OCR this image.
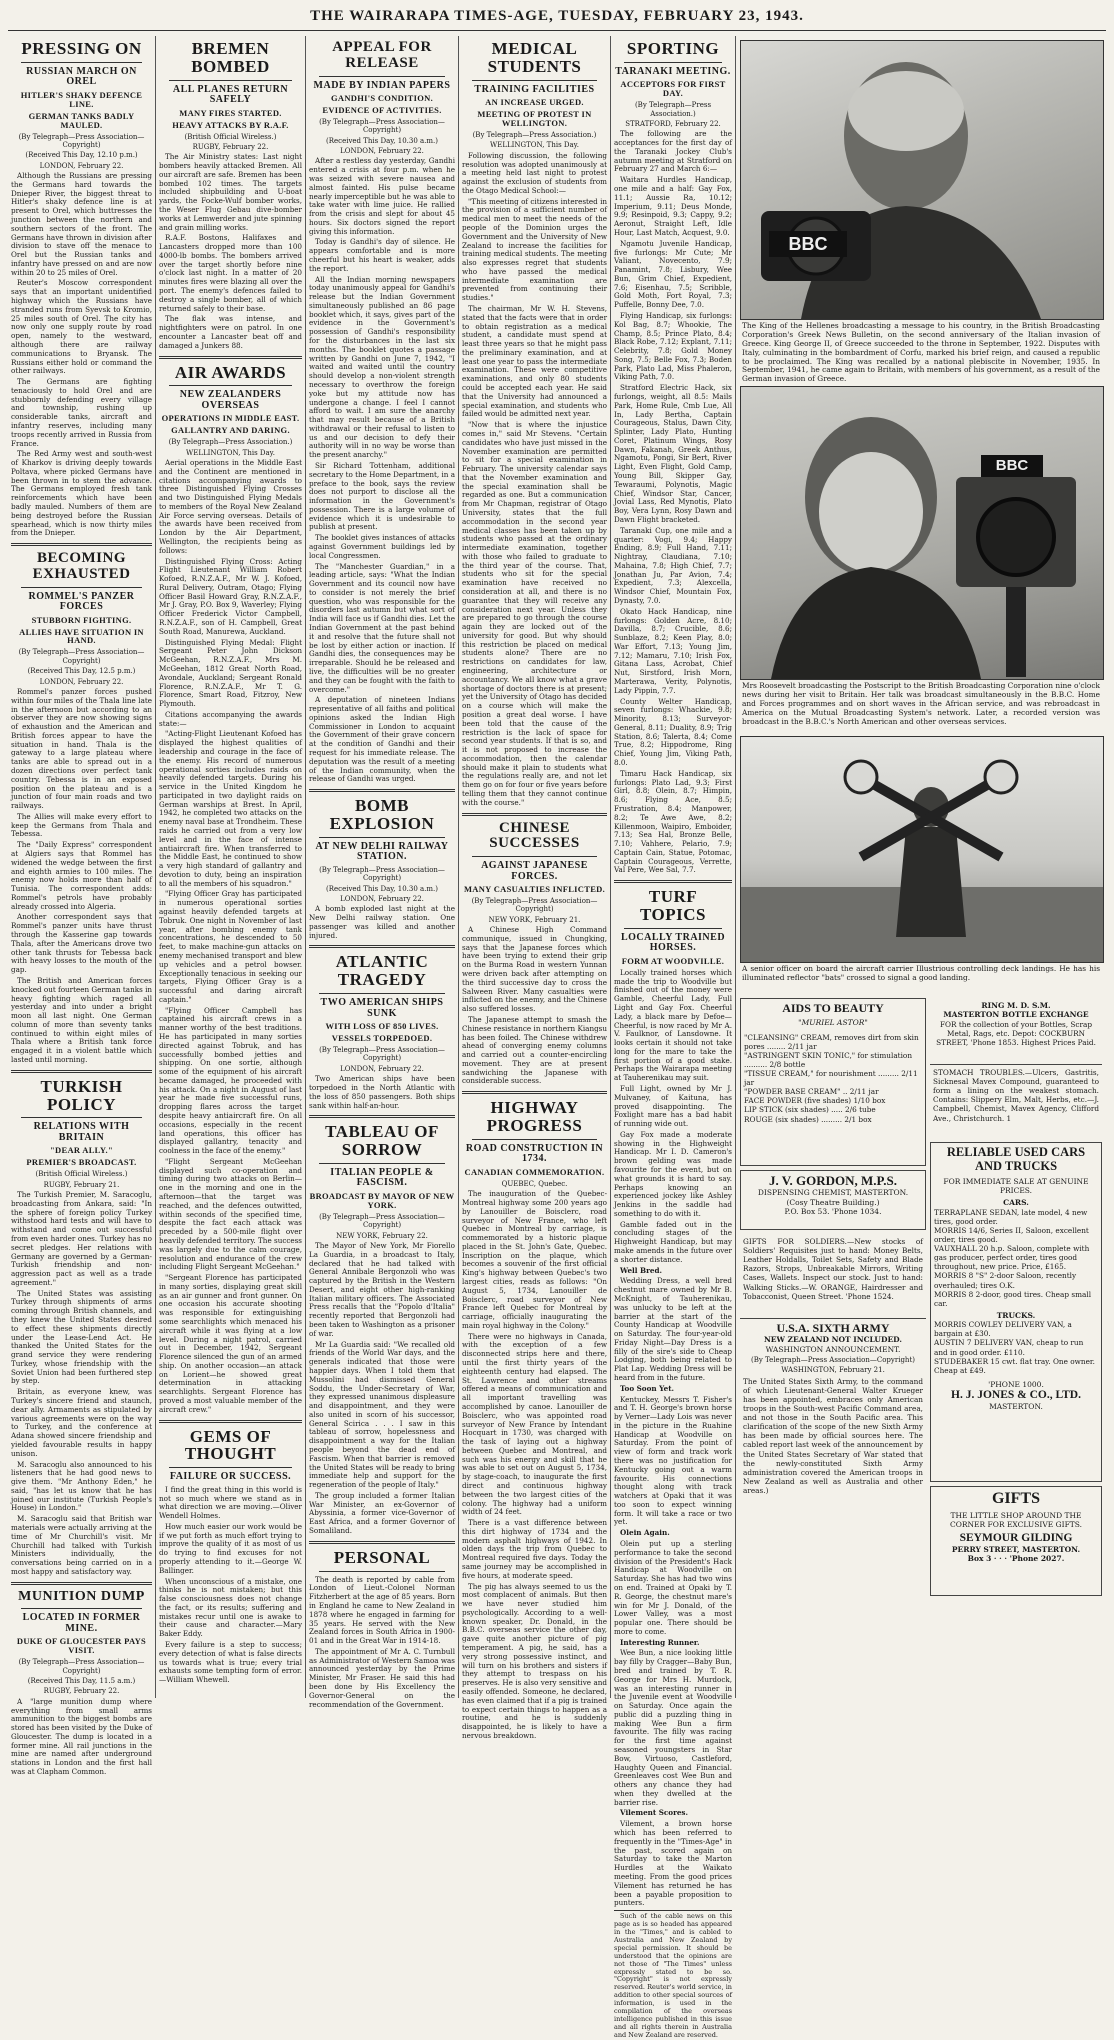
THE WAIRARAPA TIMES-AGE, TUESDAY, FEBRUARY 23, 1943.
PRESSING ON
RUSSIAN MARCH ON OREL
HITLER'S SHAKY DEFENCE LINE.
GERMAN TANKS BADLY MAULED.
(By Telegraph—Press Association—Copyright)
(Received This Day, 12.10 p.m.)
LONDON, February 22.
Although the Russians are pressing the Germans hard towards the Dnieper River, the biggest threat to Hitler's shaky defence line is at present to Orel, which buttresses the junction between the northern and southern sectors of the front. The Germans have thrown in division after division to stave off the menace to Orel but the Russian tanks and infantry have pressed on and are now within 20 to 25 miles of Orel.
Reuter's Moscow correspondent says that an important unidentified highway which the Russians have stranded runs from Syevsk to Kromio, 25 miles south of Orel. The city has now only one supply route by road open, namely to the westward, although there are railway communications to Bryansk. The Russians either hold or command the other railways.
The Germans are fighting tenaciously to hold Orel and are stubbornly defending every village and township, rushing up considerable tanks, aircraft and infantry reserves, including many troops recently arrived in Russia from France.
The Red Army west and south-west of Kharkov is driving deeply towards Poltava, where picked Germans have been thrown in to stem the advance. The Germans employed fresh tank reinforcements which have been badly mauled. Numbers of them are being destroyed before the Russian spearhead, which is now thirty miles from the Dnieper.
BECOMING EXHAUSTED
ROMMEL'S PANZER FORCES
STUBBORN FIGHTING.
ALLIES HAVE SITUATION IN HAND.
(By Telegraph—Press Association—Copyright)
(Received This Day, 12.5 p.m.)
LONDON, February 22.
Rommel's panzer forces pushed within four miles of the Thala line late in the afternoon but according to an observer they are now showing signs of exhaustion and the American and British forces appear to have the situation in hand. Thala is the gateway to a large plateau where tanks are able to spread out in a dozen directions over perfect tank country. Tebessa is in an exposed position on the plateau and is a junction of four main roads and two railways.
The Allies will make every effort to keep the Germans from Thala and Tebessa.
The "Daily Express" correspondent at Algiers says that Rommel has widened the wedge between the first and eighth armies to 100 miles. The enemy now holds more than half of Tunisia. The correspondent adds: Rommel's petrols have probably already crossed into Algeria.
Another correspondent says that Rommel's panzer units have thrust through the Kasserine gap towards Thala, after the Americans drove two other tank thrusts for Tebessa back with heavy losses to the mouth of the gap.
The British and American forces knocked out fourteen German tanks in heavy fighting which raged all yesterday and into under a bright moon all last night. One German column of more than seventy tanks continued to within eight miles of Thala where a British tank force engaged it in a violent battle which lasted until morning.
TURKISH POLICY
RELATIONS WITH BRITAIN
"DEAR ALLY."
PREMIER'S BROADCAST.
(British Official Wireless.)
RUGBY, February 21.
The Turkish Premier, M. Saracoglu, broadcasting from Ankara, said: "In the sphere of foreign policy Turkey withstood hard tests and will have to withstand and come out successful from even harder ones. Turkey has no secret pledges. Her relations with Germany are governed by a German-Turkish friendship and non-aggression pact as well as a trade agreement."
The United States was assisting Turkey through shipments of arms coming through British channels, and they knew the United States desired to effect these shipments directly under the Lease-Lend Act. He thanked the United States for the grand service they were rendering Turkey, whose friendship with the Soviet Union had been furthered step by step.
Britain, as everyone knew, was Turkey's sincere friend and staunch, dear ally. Armaments as stipulated by various agreements were on the way to Turkey, and the conference at Adana showed sincere friendship and yielded favourable results in happy unison.
M. Saracoglu also announced to his listeners that he had good news to give them. "Mr Anthony Eden," he said, "has let us know that he has joined our institute (Turkish People's House) in London."
M. Saracoglu said that British war materials were actually arriving at the time of Mr Churchill's visit. Mr Churchill had talked with Turkish Ministers individually, the conversations being carried on in a most happy and satisfactory way.
MUNITION DUMP
LOCATED IN FORMER MINE.
DUKE OF GLOUCESTER PAYS VISIT.
(By Telegraph—Press Association—Copyright)
(Received This Day, 11.5 a.m.)
RUGBY, February 22.
A "large munition dump where everything from small arms ammunition to the biggest bombs are stored has been visited by the Duke of Gloucester. The dump is located in a former mine. All rail junctions in the mine are named after underground stations in London and the first hall was at Clapham Common.
BREMEN BOMBED
ALL PLANES RETURN SAFELY
MANY FIRES STARTED.
HEAVY ATTACKS BY R.A.F.
(British Official Wireless.)
RUGBY, February 22.
The Air Ministry states: Last night bombers heavily attacked Bremen. All our aircraft are safe. Bremen has been bombed 102 times. The targets included shipbuilding and U-boat yards, the Focke-Wulf bomber works, the Weser Flug Gebau dive-bomber works at Lemwerder and jute spinning and grain milling works.
R.A.F. Bostons, Halifaxes and Lancasters dropped more than 100 4000-lb bombs. The bombers arrived over the target shortly before nine o'clock last night. In a matter of 20 minutes fires were blazing all over the port. The enemy's defences failed to destroy a single bomber, all of which returned safely to their base.
The flak was intense, and nightfighters were on patrol. In one encounter a Lancaster beat off and damaged a Junkers 88.
AIR AWARDS
NEW ZEALANDERS OVERSEAS
OPERATIONS IN MIDDLE EAST.
GALLANTRY AND DARING.
(By Telegraph—Press Association.)
WELLINGTON, This Day.
Aerial operations in the Middle East and the Continent are mentioned in citations accompanying awards to three Distinguished Flying Crosses and two Distinguished Flying Medals to members of the Royal New Zealand Air Force serving overseas. Details of the awards have been received from London by the Air Department, Wellington, the recipients being as follows:
Distinguished Flying Cross: Acting Flight Lieutenant William Robert Kofoed, R.N.Z.A.F., Mr W. J. Kofoed, Rural Delivery, Outram, Otago; Flying Officer Basil Howard Gray, R.N.Z.A.F., Mr J. Gray, P.O. Box 9, Waverley; Flying Officer Frederick Victor Campbell, R.N.Z.A.F., son of H. Campbell, Great South Road, Manurewa, Auckland.
Distinguished Flying Medal: Flight Sergeant Peter John Dickson McGeehan, R.N.Z.A.F., Mrs M. McGeehan, 1812 Great North Road, Avondale, Auckland; Sergeant Ronald Florence, R.N.Z.A.F., Mr T. G. Florence, Smart Road, Fitzroy, New Plymouth.
Citations accompanying the awards state:—
"Acting-Flight Lieutenant Kofoed has displayed the highest qualities of leadership and courage in the face of the enemy. His record of numerous operational sorties includes raids on heavily defended targets. During his service in the United Kingdom he participated in two daylight raids on German warships at Brest. In April, 1942, he completed two attacks on the enemy naval base at Trondheim. These raids he carried out from a very low level and in the face of intense antiaircraft fire. When transferred to the Middle East, he continued to show a very high standard of gallantry and devotion to duty, being an inspiration to all the members of his squadron."
"Flying Officer Gray has participated in numerous operational sorties against heavily defended targets at Tobruk. One night in November of last year, after bombing enemy tank concentrations, he descended to 50 feet, to make machine-gun attacks on enemy mechanised transport and blew up vehicles and a petrol bowser. Exceptionally tenacious in seeking our targets, Flying Officer Gray is a successful and daring aircraft captain."
"Flying Officer Campbell has captained his aircraft crews in a manner worthy of the best traditions. He has participated in many sorties directed against Tobruk, and has successfully bombed jetties and shipping. On one sortie, although some of the equipment of his aircraft became damaged, he proceeded with his attack. On a night in August of last year he made five successful runs, dropping flares across the target despite heavy antiaircraft fire. On all occasions, especially in the recent land operations, this officer has displayed gallantry, tenacity and coolness in the face of the enemy."
"Flight Sergeant McGeehan displayed such co-operation and timing during two attacks on Berlin—one in the morning and one in the afternoon—that the target was reached, and the defences outwitted, within seconds of the specified time, despite the fact each attack was preceded by a 500-mile flight over heavily defended territory. The success was largely due to the calm courage, resolution and endurance of the crew including Flight Sergeant McGeehan."
"Sergeant Florence has participated in many sorties, displaying great skill as an air gunner and front gunner. On one occasion his accurate shooting was responsible for extinguishing some searchlights which menaced his aircraft while it was flying at a low level. During a night patrol, carried out in December, 1942, Sergeant Florence silenced the gun of an armed ship. On another occasion—an attack on Lorient—he showed great determination in attacking searchlights. Sergeant Florence has proved a most valuable member of the aircraft crew."
GEMS OF THOUGHT
FAILURE OR SUCCESS.
I find the great thing in this world is not so much where we stand as in what direction we are moving.—Oliver Wendell Holmes.
How much easier our work would be if we put forth as much effort trying to improve the quality of it as most of us do trying to find excuses for not properly attending to it.—George W. Ballinger.
When unconscious of a mistake, one thinks he is not mistaken; but this false consciousness does not change the fact, or its results; suffering and mistakes recur until one is awake to their cause and character.—Mary Baker Eddy.
Every failure is a step to success; every detection of what is false directs us towards what is true; every trial exhausts some tempting form of error.—William Whewell.
APPEAL FOR RELEASE
MADE BY INDIAN PAPERS
GANDHI'S CONDITION.
EVIDENCE OF ACTIVITIES.
(By Telegraph—Press Association—Copyright)
(Received This Day, 10.30 a.m.)
LONDON, February 22.
After a restless day yesterday, Gandhi entered a crisis at four p.m. when he was seized with severe nausea and almost fainted. His pulse became nearly imperceptible but he was able to take water with lime juice. He rallied from the crisis and slept for about 45 hours. Six doctors signed the report giving this information.
Today is Gandhi's day of silence. He appears comfortable and is more cheerful but his heart is weaker, adds the report.
All the Indian morning newspapers today unanimously appeal for Gandhi's release but the Indian Government simultaneously published an 86 page booklet which, it says, gives part of the evidence in the Government's possession of Gandhi's responsibility for the disturbances in the last six months. The booklet quotes a passage written by Gandhi on June 7, 1942, "I waited and waited until the country should develop a non-violent strength necessary to overthrow the foreign yoke but my attitude now has undergone a change. I feel I cannot afford to wait. I am sure the anarchy that may result because of a British withdrawal or their refusal to listen to us and our decision to defy their authority will in no way be worse than the present anarchy."
Sir Richard Tottenham, additional secretary to the Home Department, in a preface to the book, says the review does not purport to disclose all the information in the Government's possession. There is a large volume of evidence which it is undesirable to publish at present.
The booklet gives instances of attacks against Government buildings led by local Congressmen.
The "Manchester Guardian," in a leading article, says: "What the Indian Government and its council now have to consider is not merely the brief question, who was responsible for the disorders last autumn but what sort of India will face us if Gandhi dies. Let the Indian Government at the past behind it and resolve that the future shall not be lost by either action or inaction. If Gandhi dies, the consequences may be irreparable. Should he be released and live, the difficulties will be no greater and they can be fought with the faith to overcome."
A deputation of nineteen Indians representative of all faiths and political opinions asked the Indian High Commissioner in London to acquaint the Government of their grave concern at the condition of Gandhi and their request for his immediate release. The deputation was the result of a meeting of the Indian community, when the release of Gandhi was urged.
BOMB EXPLOSION
AT NEW DELHI RAILWAY STATION.
(By Telegraph—Press Association—Copyright)
(Received This Day, 10.30 a.m.)
LONDON, February 22.
A bomb exploded last night at the New Delhi railway station. One passenger was killed and another injured.
ATLANTIC TRAGEDY
TWO AMERICAN SHIPS SUNK
WITH LOSS OF 850 LIVES.
VESSELS TORPEDOED.
(By Telegraph—Press Association—Copyright)
LONDON, February 22.
Two American ships have been torpedoed in the North Atlantic with the loss of 850 passengers. Both ships sank within half-an-hour.
TABLEAU OF SORROW
ITALIAN PEOPLE & FASCISM.
BROADCAST BY MAYOR OF NEW YORK.
(By Telegraph—Press Association—Copyright)
NEW YORK, February 22.
The Mayor of New York, Mr Fiorello La Guardia, in a broadcast to Italy, declared that he had talked with General Annibale Bergonzoli who was captured by the British in the Western Desert, and eight other high-ranking Italian military officers. The Associated Press recalls that the "Popolo d'Italia" recently reported that Bergonzoli had been taken to Washington as a prisoner of war.
Mr La Guardia said: "We recalled old friends of the World War days, and the generals indicated that those were happier days. When I told them that Mussolini had dismissed General Soddu, the Under-Secretary of War, they expressed unanimous displeasure and disappointment, and they were also united in scorn of his successor, General Scirica . . . I saw in this tableau of sorrow, hopelessness and disappointment a way for the Italian people beyond the dead end of Fascism. When that barrier is removed the United States will be ready to bring immediate help and support for the regeneration of the people of Italy."
The group included a former Italian War Minister, an ex-Governor of Abyssinia, a former vice-Governor of East Africa, and a former Governor of Somaliland.
PERSONAL
The death is reported by cable from London of Lieut.-Colonel Norman Fitzherbert at the age of 85 years. Born in England he came to New Zealand in 1878 where he engaged in farming for 35 years. He served with the New Zealand forces in South Africa in 1900-01 and in the Great War in 1914-18.
The appointment of Mr A. C. Turnbull as Administrator of Western Samoa was announced yesterday by the Prime Minister, Mr Fraser. He said this had been done by His Excellency the Governor-General on the recommendation of the Government.
MEDICAL STUDENTS
TRAINING FACILITIES
AN INCREASE URGED.
MEETING OF PROTEST IN WELLINGTON.
(By Telegraph—Press Association.)
WELLINGTON, This Day.
Following discussion, the following resolution was adopted unanimously at a meeting held last night to protest against the exclusion of students from the Otago Medical School:—
"This meeting of citizens interested in the provision of a sufficient number of medical men to meet the needs of the people of the Dominion urges the Government and the University of New Zealand to increase the facilities for training medical students. The meeting also expresses regret that students who have passed the medical intermediate examination are prevented from continuing their studies."
The chairman, Mr W. H. Stevens, stated that the facts were that in order to obtain registration as a medical student, a candidate must spend at least three years so that he might pass the preliminary examination, and at least one year to pass the intermediate examination. These were competitive examinations, and only 80 students could be accepted each year. He said that the University had announced a special examination, and students who failed would be admitted next year.
"Now that is where the injustice comes in," said Mr Stevens. "Certain candidates who have just missed in the November examination are permitted to sit for a special examination in February. The university calendar says that the November examination and the special examination shall be regarded as one. But a communication from Mr Chapman, registrar of Otago University, states that the full accommodation in the second year medical classes has been taken up by students who passed at the ordinary intermediate examination, together with those who failed to graduate to the third year of the course. That, students who sit for the special examination have received no consideration at all, and there is no guarantee that they will receive any consideration next year. Unless they are prepared to go through the course again they are locked out of the university for good. But why should this restriction be placed on medical students alone? There are no restrictions on candidates for law, engineering, architecture or accountancy. We all know what a grave shortage of doctors there is at present; yet the University of Otago has decided on a course which will make the position a great deal worse. I have been told that the cause of the restriction is the lack of space for second year students. If that is so, and it is not proposed to increase the accommodation, then the calendar should make it plain to students what the regulations really are, and not let them go on for four or five years before telling them that they cannot continue with the course."
CHINESE SUCCESSES
AGAINST JAPANESE FORCES.
MANY CASUALTIES INFLICTED.
(By Telegraph—Press Association—Copyright)
NEW YORK, February 21.
A Chinese High Command communique, issued in Chungking, says that the Japanese forces which have been trying to extend their grip on the Burma Road in western Yunnan were driven back after attempting on the third successive day to cross the Salween River. Many casualties were inflicted on the enemy, and the Chinese also suffered losses.
The Japanese attempt to smash the Chinese resistance in northern Kiangsu has been foiled. The Chinese withdrew ahead of converging enemy columns and carried out a counter-encircling movement. They are at present sandwiching the Japanese with considerable success.
HIGHWAY PROGRESS
ROAD CONSTRUCTION IN 1734.
CANADIAN COMMEMORATION.
QUEBEC, Quebec.
The inauguration of the Quebec-Montreal highway some 200 years ago by Lanouiller de Boisclerc, road surveyor of New France, who left Quebec in Montreal by carriage, is commemorated by a historic plaque placed in the St. John's Gate, Quebec. Inscription on the plaque, which becomes a souvenir of the first official King's highway between Quebec's two largest cities, reads as follows: "On August 5, 1734, Lanouiller de Boisclerc, road surveyor of New France left Quebec for Montreal by carriage, officially inaugurating the main royal highway in the Colony."
There were no highways in Canada, with the exception of a few disconnected strips here and there, until the first thirty years of the eighteenth century had elapsed. The St. Lawrence and other streams offered a means of communication and all important travelling was accomplished by canoe. Lanouiller de Boisclerc, who was appointed road surveyor of New France by Intendant Hocquart in 1730, was charged with the task of laying out a highway between Quebec and Montreal, and such was his energy and skill that he was able to set out on August 5, 1734, by stage-coach, to inaugurate the first direct and continuous highway between the two largest cities of the colony. The highway had a uniform width of 24 feet.
There is a vast difference between this dirt highway of 1734 and the modern asphalt highways of 1942. In olden days the trip from Quebec to Montreal required five days. Today the same journey may be accomplished in five hours, at moderate speed.
The pig has always seemed to us the most complacent of animals. But then we have never studied him psychologically. According to a well-known speaker, Dr. Donald, in the B.B.C. overseas service the other day, gave quite another picture of pig temperament. A pig, he said, has a very strong possessive instinct, and will turn on his brothers and sisters if they attempt to trespass on his preserves. He is also very sensitive and easily offended. Someone, he declared, has even claimed that if a pig is trained to expect certain things to happen as a routine, and he is suddenly disappointed, he is likely to have a nervous breakdown.
SPORTING
TARANAKI MEETING.
ACCEPTORS FOR FIRST DAY.
(By Telegraph—Press Association.)
STRATFORD, February 22.
The following are the acceptances for the first day of the Taranaki Jockey Club's autumn meeting at Stratford on February 27 and March 6:—
Waitara Hurdles Handicap, one mile and a half: Gay Fox, 11.1; Aussie Ra, 10.12; Imperium, 9.11; Deus Monde, 9.9; Resinpoid, 9.3; Cappy, 9.2; Aeronut, Straight Left, Idle Hour, Last Match, Acquest, 9.0.
Ngamotu Juvenile Handicap, five furlongs: Mr Cute; Mr Valiant, Novecento, 7.9; Panamint, 7.8; Lisbury, Wee Bun, Grim Chief, Expedient, 7.6; Eisenhau, 7.5; Scribble, Gold Moth, Fort Royal, 7.3; Puffelle, Bonny Dee, 7.0.
Flying Handicap, six furlongs: Kol Bag, 8.7; Whookie, The Champ, 8.5; Prince Plato, 8.4; Black Robe, 7.12; Explant, 7.11; Celebrity, 7.8; Gold Money Song, 7.5; Belle Fox, 7.3; Boden Park, Plato Lad, Miss Phaleron, Viking Path, 7.0.
Stratford Electric Hack, six furlongs, weight, all 8.5: Mails Park, Home Rule, Cmb Lue, All In, Lady Bertha, Captain Courageous, Stalus, Dawn City, Splinter, Lady Plato, Hunting Coret, Platinum Wings, Rosy Dawn, Fakanah, Greek Anthus, Ngamotu, Pongi, Sir Bert, River Light, Even Flight, Gold Camp, Young Bill, Skipper Gay, Tewaraumi, Polynotis, Magic Chief, Windsor Star, Cancer, Jovial Lass, Red Mynotis, Plato Boy, Vera Lynn, Rosy Dawn and Dawn Flight bracketed.
Taranaki Cup, one mile and a quarter: Vogi, 9.4; Happy Ending, 8.9; Full Hand, 7.11; Nightray, Claudiana, 7.10; Mahaina, 7.8; High Chief, 7.7; Jonathan Ju, Par Avion, 7.4; Expedient, 7.3; Alexcella, Windsor Chief, Mountain Fox, Dynasty, 7.0.
Okato Hack Handicap, nine furlongs: Golden Acre, 8.10; Davilla, 8.7; Crucible, 8.6; Sunblaze, 8.2; Keen Play, 8.0; War Effort, 7.13; Young Jim, 7.12; Mamaru, 7.10; Irish Fox, Gitana Lass, Acrobat, Chief Nut, Sirstford, Irish Morn, Marterawa, Verity, Polynotis, Lady Pippin, 7.7.
County Welter Handicap, seven furlongs: Whackie, 9.8; Minority, 8.13; Surveyor-General, 8.11; Duality, 8.9; Trig Station, 8.6; Talerta, 8.4; Come True, 8.2; Hippodrome, Ring Chief, Young Jim, Viking Path, 8.0.
Timaru Hack Handicap, six furlongs: Plato Lad, 9.3; First Girl, 8.8; Olein, 8.7; Himpin, 8.6; Flying Ace, 8.5; Frustration, 8.4; Manpower, 8.2; Te Awe Awe, 8.2; Killenmoon, Waipiro, Emboider, 7.13; Sea Hal, Bronze Belle, 7.10; Vahhere, Pelario, 7.9; Captain Cain, Statue, Potomac, Captain Courageous, Verrette, Val Pere, Wee Sal, 7.7.
TURF TOPICS
LOCALLY TRAINED HORSES.
FORM AT WOODVILLE.
Locally trained horses which made the trip to Woodville but finished out of the money were Gamble, Cheerful Lady, Full Light and Gay Fox. Cheerful Lady, a black mare by Defoe—Cheerful, is now raced by Mr A. V. Faulknor, of Lansdowne. It looks certain it should not take long for the mare to take the first portion of a good stake. Perhaps the Wairarapa meeting at Tauherenikau may suit.
Full Light, owned by Mr J. Mulvaney, of Kaituna, has proved disappointing. The Foxlight mare has a bad habit of running wide out.
Gay Fox made a moderate showing in the Highweight Handicap. Mr I. D. Cameron's brown gelding was made favourite for the event, but on what grounds it is hard to say. Perhaps knowing an experienced jockey like Ashley Jenkins in the saddle had something to do with it.
Gamble faded out in the concluding stages of the Highweight Handicap, but may make amends in the future over a shorter distance.
Well Bred.
Wedding Dress, a well bred chestnut mare owned by Mr B. McKnight, of Tauherenikau, was unlucky to be left at the barrier at the start of the County Handicap at Woodville on Saturday. The four-year-old Friday Night—Day Dress is a filly of the sire's side to Cheap Lodging, both being related to Plat Lap. Wedding Dress will be heard from in the future.
Too Soon Yet.
Kentuckey, Messrs T. Fisher's and T. H. George's brown horse by Verner—Lady Lois was never in the picture in the Ruahine Handicap at Woodville on Saturday. From the point of view of form and track work there was no justification for Kentucky going out a warm favourite. His connections thought along with track watchers at Opaki that it was too soon to expect winning form. It will take a race or two yet.
Olein Again.
Olein put up a sterling performance to take the second division of the President's Hack Handicap at Woodville on Saturday. She has had two wins on end. Trained at Opaki by T. R. George, the chestnut mare's win for Mr J. Donald, of the Lower Valley, was a most popular one. There should be more to come.
Interesting Runner.
Wee Bun, a nice looking little bay filly by Cragger—Baby Bun, bred and trained by T. R. George for Mrs H. Murdock, was an interesting runner in the Juvenile event at Woodville on Saturday. Once again the public did a puzzling thing in making Wee Bun a firm favourite. The filly was racing for the first time against seasoned youngsters in Star Bow, Virtuoso, Castleford, Haughty Queen and Financial. Greenleaves cost Wee Bun and others any chance they had when they dwelled at the barrier rise.
Vilement Scores.
Vilement, a brown horse which has been referred to frequently in the "Times-Age" in the past, scored again on Saturday to take the Marton Hurdles at the Waikato meeting. From the good prices Vilement has returned he has been a payable proposition to punters.
Such of the cable news on this page as is so headed has appeared in the "Times," and is cabled to Australia and New Zealand by special permission. It should be understood that the opinions are not those of "The Times" unless expressly stated to be so. "Copyright" is not expressly reserved. Reuter's world service, in addition to other special sources of information, is used in the compilation of the overseas intelligence published in this issue and all rights therein in Australia and New Zealand are reserved.
BBC
The King of the Hellenes broadcasting a message to his country, in the British Broadcasting Corporation's Greek News Bulletin, on the second anniversary of the Italian invasion of Greece. King George II, of Greece succeeded to the throne in September, 1922. Disputes with Italy, culminating in the bombardment of Corfu, marked his brief reign, and caused a republic to be proclaimed. The King was recalled by a national plebiscite in November, 1935. In September, 1941, he came again to Britain, with members of his government, as a result of the German invasion of Greece.
BBC
Mrs Roosevelt broadcasting the Postscript to the British Broadcasting Corporation nine o'clock news during her visit to Britain. Her talk was broadcast simultaneously in the B.B.C. Home and Forces programmes and on short waves in the African service, and was rebroadcast in America on the Mutual Broadcasting System's network. Later, a recorded version was broadcast in the B.B.C.'s North American and other overseas services.
A senior officer on board the aircraft carrier Illustrious controlling deck landings. He has his illuminated reflector "bats" crossed to signal a good landing.
AIDS TO BEAUTY
"MURIEL ASTOR"
"CLEANSING" CREAM, removes dirt from skin pores ........ 2/11 jar
"ASTRINGENT SKIN TONIC," for stimulation .......... 2/8 bottle
"TISSUE CREAM," for nourishment ......... 2/11 jar
"POWDER BASE CREAM" .. 2/11 jar
FACE POWDER (five shades) 1/10 box
LIP STICK (six shades) ..... 2/6 tube
ROUGE (six shades) ......... 2/1 box
J. V. GORDON, M.P.S.
DISPENSING CHEMIST, MASTERTON.
(Cosy Theatre Building.)
P.O. Box 53. 'Phone 1034.
GIFTS FOR SOLDIERS.—New stocks of Soldiers' Requisites just to hand: Money Belts, Leather Holdalls, Toilet Sets, Safety and Blade Razors, Strops, Unbreakable Mirrors, Writing Cases, Wallets. Inspect our stock. Just to hand: Walking Sticks.—W. ORANGE, Hairdresser and Tobacconist, Queen Street. 'Phone 1524.
U.S.A. SIXTH ARMY
NEW ZEALAND NOT INCLUDED.
WASHINGTON ANNOUNCEMENT.
(By Telegraph—Press Association—Copyright)
WASHINGTON, February 21.
The United States Sixth Army, to the command of which Lieutenant-General Walter Krueger has been appointed, embraces only American troops in the South-west Pacific Command area, and not those in the South Pacific area. This clarification of the scope of the new Sixth Army has been made by official sources here. The cabled report last week of the announcement by the United States Secretary of War stated that the newly-constituted Sixth Army administration covered the American troops in New Zealand as well as Australia and other areas.)
RING M. D. S.M.
MASTERTON BOTTLE EXCHANGE
FOR the collection of your Bottles, Scrap Metal, Rags, etc. Depot: COCKBURN STREET, 'Phone 1853. Highest Prices Paid.
STOMACH TROUBLES.—Ulcers, Gastritis, Sicknesal Mavex Compound, guaranteed to form a lining on the weakest stomach. Contains: Slippery Elm, Malt, Herbs, etc.—J. Campbell, Chemist, Mavex Agency, Clifford Ave., Christchurch. 1
RELIABLE USED CARS AND TRUCKS
FOR IMMEDIATE SALE AT GENUINE PRICES.
CARS.
TERRAPLANE SEDAN, late model, 4 new tires, good order.
MORRIS 14/6, Series II, Saloon, excellent order, tires good.
VAUXHALL 20 h.p. Saloon, complete with gas producer, perfect order, tires good throughout, new price. Price, £165.
MORRIS 8 "S" 2-door Saloon, recently overhauled; tires O.K.
MORRIS 8 2-door, good tires. Cheap small car.
TRUCKS.
MORRIS COWLEY DELIVERY VAN, a bargain at £30.
AUSTIN 7 DELIVERY VAN, cheap to run and in good order. £110.
STUDEBAKER 15 cwt. flat tray. One owner. Cheap at £49.
'PHONE 1000.
H. J. JONES & CO., LTD.
MASTERTON.
GIFTS
THE LITTLE SHOP AROUND THE CORNER FOR EXCLUSIVE GIFTS.
SEYMOUR GILDING
PERRY STREET, MASTERTON.
Box 3 · · · 'Phone 2027.
